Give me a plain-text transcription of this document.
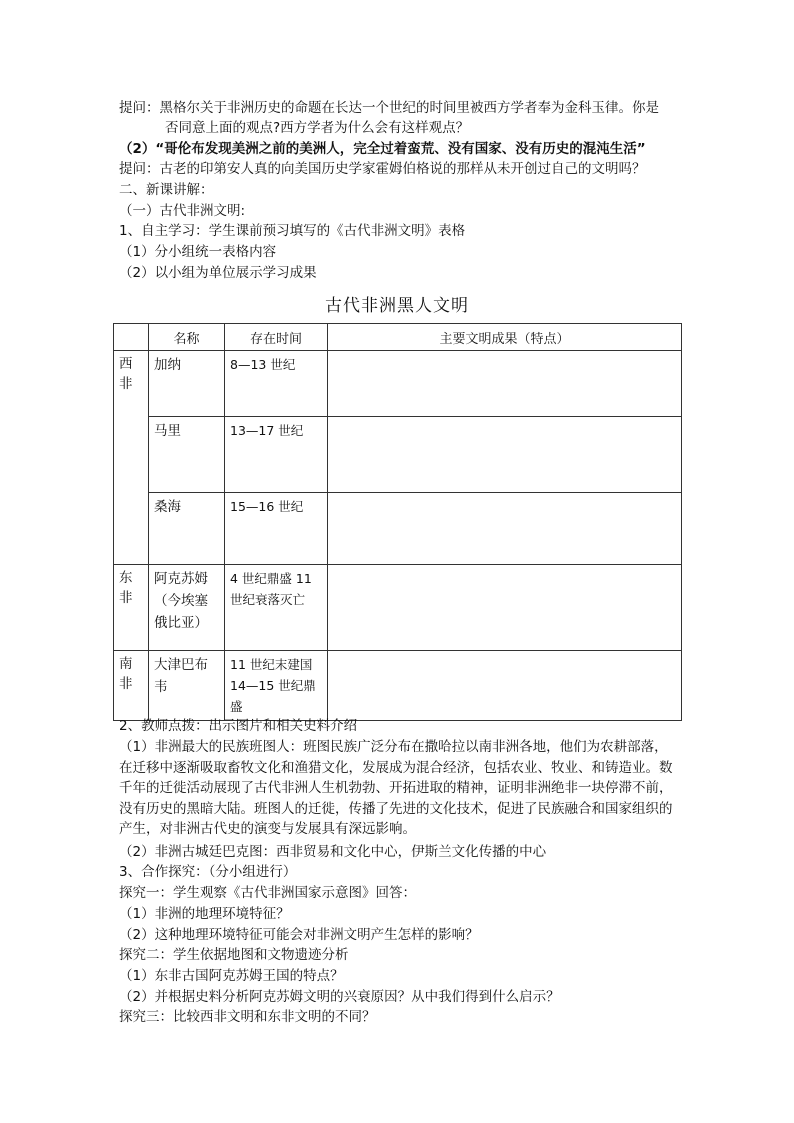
提问：黑格尔关于非洲历史的命题在长达一个世纪的时间里被西方学者奉为金科玉律。你是
否同意上面的观点?西方学者为什么会有这样观点？
（2）“哥伦布发现美洲之前的美洲人，完全过着蛮荒、没有国家、没有历史的混沌生活”
提问：古老的印第安人真的向美国历史学家霍姆伯格说的那样从未开创过自己的文明吗？
二、新课讲解：
（一）古代非洲文明:
1、自主学习：学生课前预习填写的《古代非洲文明》表格
（1）分小组统一表格内容
（2）以小组为单位展示学习成果
古代非洲黑人文明
	名称	存在时间	主要文明成果（特点）
西非	加纳	8—13 世纪	
	马里	13—17 世纪	
	桑海	15—16 世纪	
东非	阿克苏姆（今埃塞俄比亚）	4 世纪鼎盛 11 世纪衰落灭亡	
南非	大津巴布韦	11 世纪末建国 14—15 世纪鼎盛	
2、教师点拨：出示图片和相关史料介绍
（1）非洲最大的民族班图人：班图民族广泛分布在撒哈拉以南非洲各地，他们为农耕部落，在迁移中逐渐吸取畜牧文化和渔猎文化，发展成为混合经济，包括农业、牧业、和铸造业。数千年的迁徙活动展现了古代非洲人生机勃勃、开拓进取的精神，证明非洲绝非一块停滞不前，没有历史的黑暗大陆。班图人的迁徙，传播了先进的文化技术，促进了民族融合和国家组织的产生，对非洲古代史的演变与发展具有深远影响。
（2）非洲古城廷巴克图：西非贸易和文化中心，伊斯兰文化传播的中心
3、合作探究：（分小组进行）
探究一：学生观察《古代非洲国家示意图》回答：
（1）非洲的地理环境特征？
（2）这种地理环境特征可能会对非洲文明产生怎样的影响？
探究二：学生依据地图和文物遗迹分析
（1）东非古国阿克苏姆王国的特点？
（2）并根据史料分析阿克苏姆文明的兴衰原因？从中我们得到什么启示？
探究三：比较西非文明和东非文明的不同？
